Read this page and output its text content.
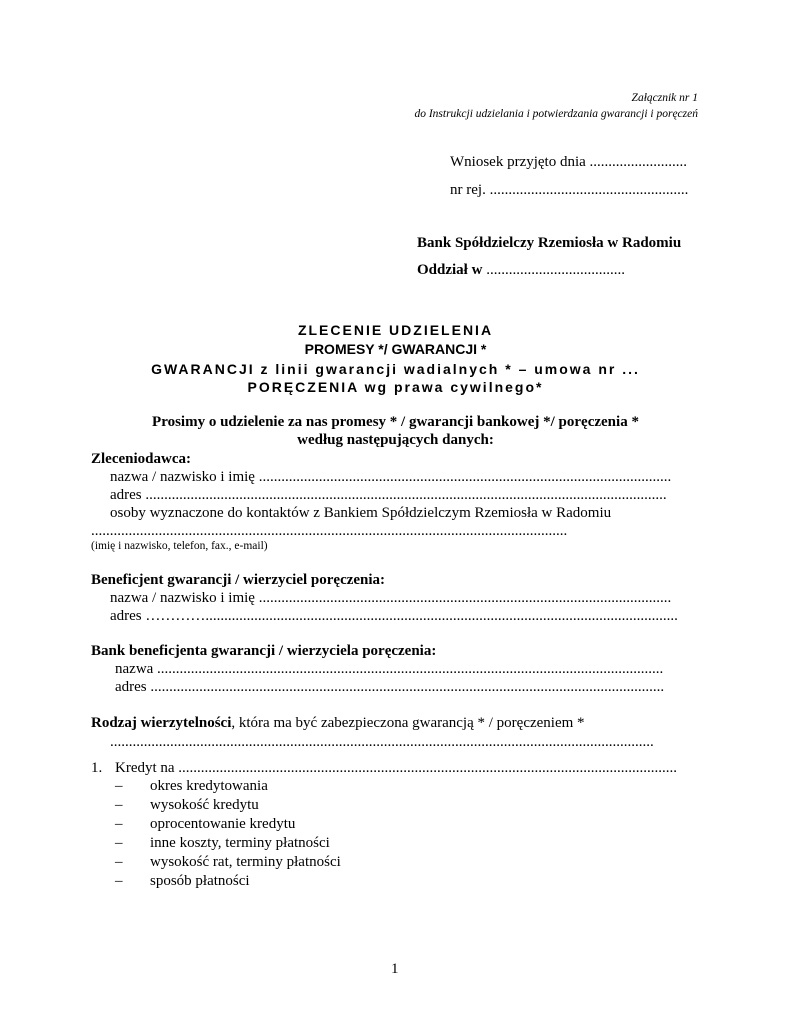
Załącznik nr 1
do Instrukcji udzielania i potwierdzania gwarancji i poręczeń
Wniosek przyjęto dnia ..........................
nr rej. .....................................................
Bank Spółdzielczy Rzemiosła w Radomiu
Oddział w .....................................
ZLECENIE UDZIELENIA
PROMESY */ GWARANCJI *
GWARANCJI z linii gwarancji wadialnych * – umowa nr ...
PORĘCZENIA wg prawa cywilnego*
Prosimy o udzielenie za nas promesy * / gwarancji bankowej */ poręczenia *
według następujących danych:
Zleceniodawca:
nazwa / nazwisko i imię ..............................................................................................................
adres ...........................................................................................................................................
osoby wyznaczone do kontaktów z Bankiem Spółdzielczym Rzemiosła w Radomiu
...............................................................................................................................
(imię i nazwisko, telefon, fax., e-mail)
Beneficjent gwarancji / wierzyciel poręczenia:
nazwa / nazwisko i imię ..............................................................................................................
adres …………..............................................................................................................................
Bank beneficjenta gwarancji / wierzyciela poręczenia:
nazwa .......................................................................................................................................
adres .........................................................................................................................................
Rodzaj wierzytelności, która ma być zabezpieczona gwarancją * / poręczeniem *
.................................................................................................................................................
1. Kredyt na .....................................................................................................................................
– okres kredytowania
– wysokość kredytu
– oprocentowanie kredytu
– inne koszty, terminy płatności
– wysokość rat, terminy płatności
– sposób płatności
1
